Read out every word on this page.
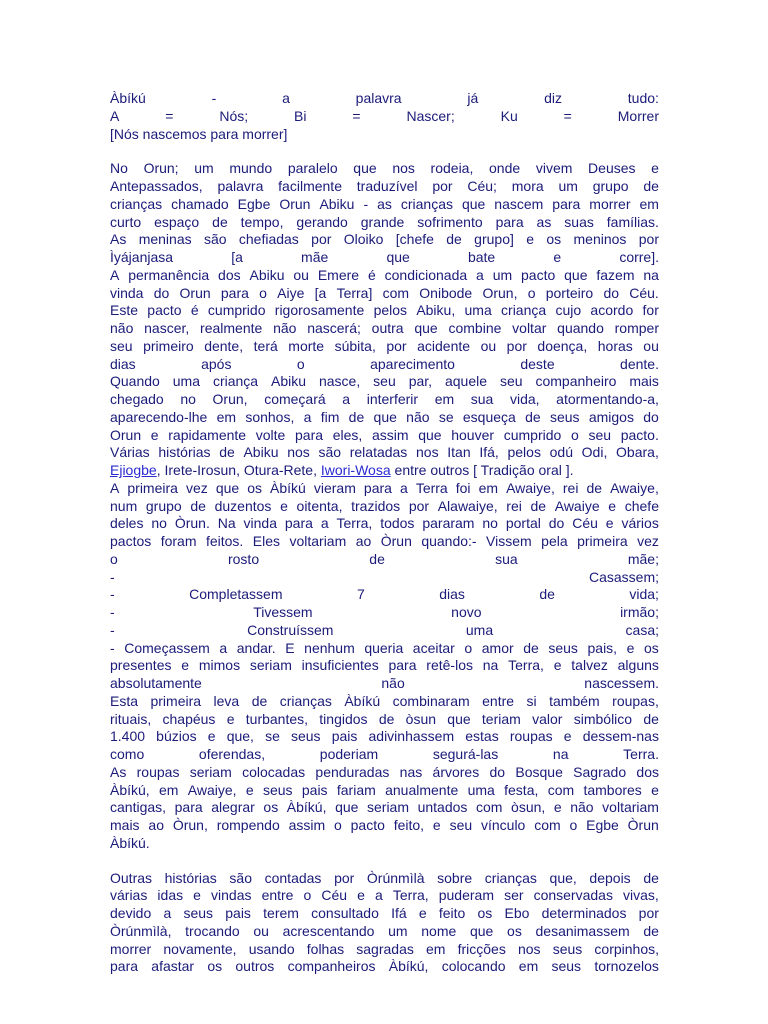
Àbíkú	-	a	palavra	já	diz	tudo:
A	=	Nós;	Bi	=	Nascer;	Ku	=	Morrer
[Nós nascemos para morrer]
No Orun; um mundo paralelo que nos rodeia, onde vivem Deuses e
Antepassados, palavra facilmente traduzível por Céu; mora um grupo de
crianças chamado Egbe Orun Abiku - as crianças que nascem para morrer em
curto espaço de tempo, gerando grande sofrimento para as suas famílias.
As meninas são chefiadas por Oloiko [chefe de grupo] e os meninos por
Ìyájanjasa	[a	mãe	que	bate	e	corre].
A permanência dos Abiku ou Emere é condicionada a um pacto que fazem na
vinda do Orun para o Aiye [a Terra] com Onibode Orun, o porteiro do Céu.
Este pacto é cumprido rigorosamente pelos Abiku, uma criança cujo acordo for
não nascer, realmente não nascerá; outra que combine voltar quando romper
seu primeiro dente, terá morte súbita, por acidente ou por doença, horas ou
dias	após	o	aparecimento	deste	dente.
Quando uma criança Abiku nasce, seu par, aquele seu companheiro mais
chegado no Orun, começará a interferir em sua vida, atormentando-a,
aparecendo-lhe em sonhos, a fim de que não se esqueça de seus amigos do
Orun e rapidamente volte para eles, assim que houver cumprido o seu pacto.
Várias histórias de Abiku nos são relatadas nos Itan Ifá, pelos odú Odi, Obara,
Ejiogbe, Irete-Irosun, Otura-Rete, Iwori-Wosa entre outros [ Tradição oral ].
A primeira vez que os Àbíkú vieram para a Terra foi em Awaiye, rei de Awaiye,
num grupo de duzentos e oitenta, trazidos por Alawaiye, rei de Awaiye e chefe
deles no Òrun. Na vinda para a Terra, todos pararam no portal do Céu e vários
pactos foram feitos. Eles voltariam ao Òrun quando:- Vissem pela primeira vez
o	rosto	de	sua	mãe;
-	Casassem;
-	Completassem	7	dias	de	vida;
-	Tivessem	novo	irmão;
-	Construíssem	uma	casa;
- Começassem a andar. E nenhum queria aceitar o amor de seus pais, e os
presentes e mimos seriam insuficientes para retê-los na Terra, e talvez alguns
absolutamente	não	nascessem.
Esta primeira leva de crianças Àbíkú combinaram entre si também roupas,
rituais, chapéus e turbantes, tingidos de òsun que teriam valor simbólico de
1.400 búzios e que, se seus pais adivinhassem estas roupas e dessem-nas
como	oferendas,	poderiam	segurá-las	na	Terra.
As roupas seriam colocadas penduradas nas árvores do Bosque Sagrado dos
Àbíkú, em Awaiye, e seus pais fariam anualmente uma festa, com tambores e
cantigas, para alegrar os Àbíkú, que seriam untados com òsun, e não voltariam
mais ao Òrun, rompendo assim o pacto feito, e seu vínculo com o Egbe Òrun
Àbíkú.
Outras histórias são contadas por Òrúnmìlà sobre crianças que, depois de
várias idas e vindas entre o Céu e a Terra, puderam ser conservadas vivas,
devido a seus pais terem consultado Ifá e feito os Ebo determinados por
Òrúnmìlà, trocando ou acrescentando um nome que os desanimassem de
morrer novamente, usando folhas sagradas em fricções nos seus corpinhos,
para afastar os outros companheiros Àbíkú, colocando em seus tornozelos
